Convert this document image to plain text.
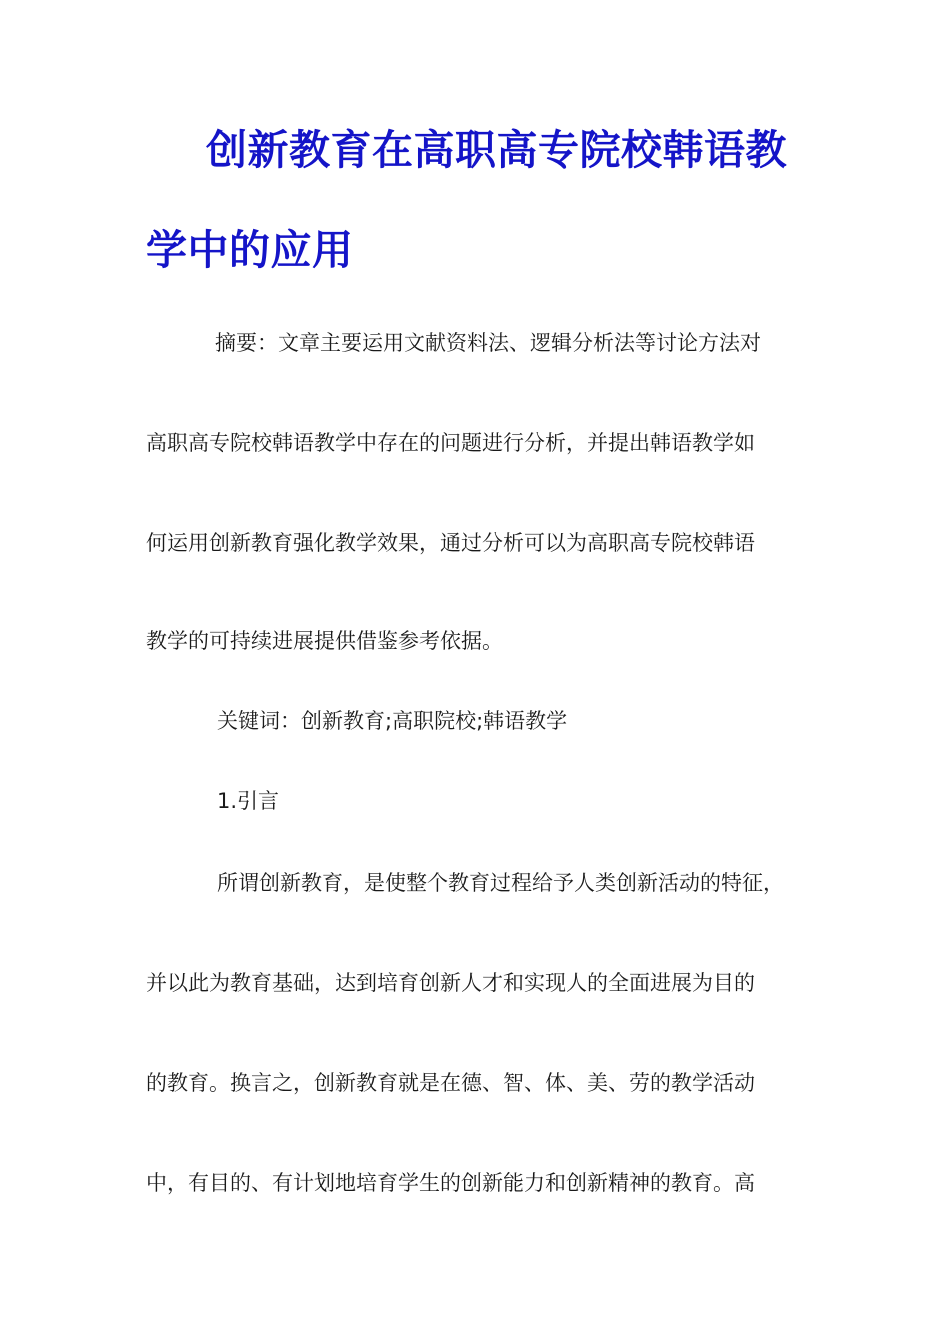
创新教育在高职高专院校韩语教
学中的应用
摘要：文章主要运用文献资料法、逻辑分析法等讨论方法对
高职高专院校韩语教学中存在的问题进行分析，并提出韩语教学如
何运用创新教育强化教学效果，通过分析可以为高职高专院校韩语
教学的可持续进展提供借鉴参考依据。
关键词：创新教育;高职院校;韩语教学
1.引言
所谓创新教育，是使整个教育过程给予人类创新活动的特征，
并以此为教育基础，达到培育创新人才和实现人的全面进展为目的
的教育。换言之，创新教育就是在德、智、体、美、劳的教学活动
中，有目的、有计划地培育学生的创新能力和创新精神的教育。高
